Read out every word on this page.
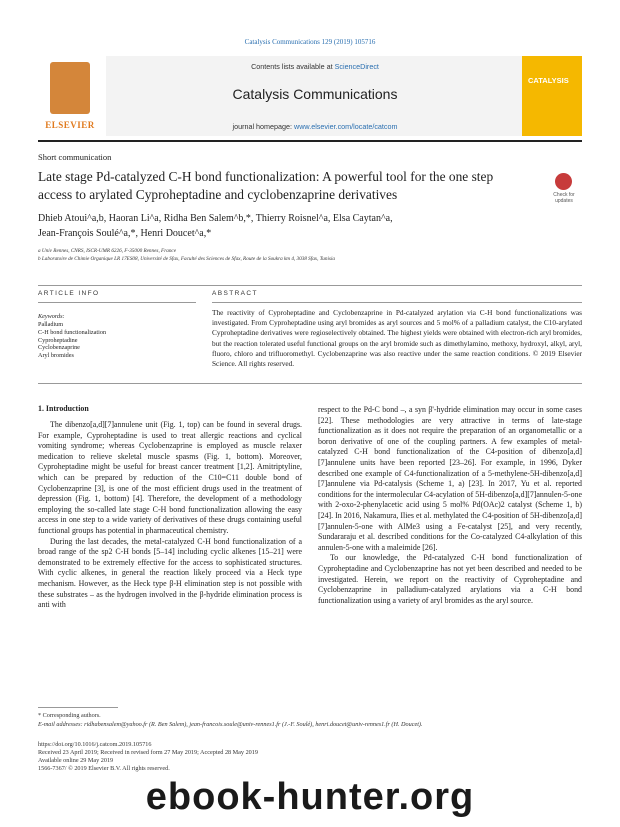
Catalysis Communications 129 (2019) 105716
ELSEVIER
Contents lists available at ScienceDirect
Catalysis Communications
journal homepage: www.elsevier.com/locate/catcom
CATALYSIS
Short communication
Late stage Pd-catalyzed C-H bond functionalization: A powerful tool for the one step access to arylated Cyproheptadine and cyclobenzaprine derivatives	Check for updates
Dhieb Atoui^a,b, Haoran Li^a, Ridha Ben Salem^b,*, Thierry Roisnel^a, Elsa Caytan^a,
Jean-François Soulé^a,*, Henri Doucet^a,*
a Univ Rennes, CNRS, ISCR-UMR 6226, F-35000 Rennes, France
b Laboratoire de Chimie Organique LR 17ES08, Université de Sfax, Faculté des Sciences de Sfax, Route de la Soukra km 4, 3038 Sfax, Tunisia
ARTICLE INFO	ABSTRACT
Keywords:
Palladium
C-H bond functionalization
Cyproheptadine
Cyclobenzaprine
Aryl bromides
The reactivity of Cyproheptadine and Cyclobenzaprine in Pd-catalyzed arylation via C-H bond functionalizations was investigated. From Cyproheptadine using aryl bromides as aryl sources and 5 mol% of a palladium catalyst, the C10-arylated Cyproheptadine derivatives were regioselectively obtained. The highest yields were obtained with electron-rich aryl bromides, but the reaction tolerated useful functional groups on the aryl bromide such as dimethylamino, methoxy, hydroxyl, alkyl, aryl, fluoro, chloro and trifluoromethyl. Cyclobenzaprine was also reactive under the same reaction conditions. © 2019 Elsevier Science. All rights reserved.
1. Introduction

The dibenzo[a,d][7]annulene unit (Fig. 1, top) can be found in several drugs. For example, Cyproheptadine is used to treat allergic reactions and cyclical vomiting syndrome; whereas Cyclobenzaprine is employed as muscle relaxer medication to relieve skeletal muscle spasms (Fig. 1, bottom). Moreover, Cyproheptadine might be useful for breast cancer treatment [1,2]. Amitriptyline, which can be prepared by reduction of the C10=C11 double bond of Cyclobenzaprine [3], is one of the most efficient drugs used in the treatment of depression (Fig. 1, bottom) [4]. Therefore, the development of a methodology employing the so-called late stage C-H bond functionalization allowing the easy access in one step to a wide variety of derivatives of these drugs containing useful functional groups has potential in pharmaceutical chemistry.

During the last decades, the metal-catalyzed C-H bond functionalization of a broad range of the sp2 C-H bonds [5–14] including cyclic alkenes [15–21] were demonstrated to be extremely effective for the access to sophisticated structures. With cyclic alkenes, in general the reaction likely proceed via a Heck type mechanism. However, as the Heck type β-H elimination step is not possible with these substrates – as the hydrogen involved in the β-hydride elimination process is anti with

respect to the Pd-C bond –, a syn β'-hydride elimination may occur in some cases [22]. These methodologies are very attractive in terms of late-stage functionalization as it does not require the preparation of an organometallic or a boron derivative of one of the coupling partners. A few examples of metal-catalyzed C-H bond functionalization of the C4-position of dibenzo[a,d][7]annulene units have been reported [23–26]. For example, in 1996, Dyker described one example of C4-functionalization of a 5-methylene-5H-dibenzo[a,d][7]annulene via Pd-catalysis (Scheme 1, a) [23]. In 2017, Yu et al. reported conditions for the intermolecular C4-acylation of 5H-dibenzo[a,d][7]annulen-5-one with 2-oxo-2-phenylacetic acid using 5 mol% Pd(OAc)2 catalyst (Scheme 1, b) [24]. In 2016, Nakamura, Ilies et al. methylated the C4-position of 5H-dibenzo[a,d][7]annulen-5-one with AlMe3 using a Fe-catalyst [25], and very recently, Sundararaju et al. described conditions for the Co-catalyzed C4-alkylation of this annulen-5-one with a maleimide [26].

To our knowledge, the Pd-catalyzed C-H bond functionalization of Cyproheptadine and Cyclobenzaprine has not yet been described and needed to be investigated. Herein, we report on the reactivity of Cyproheptadine and Cyclobenzaprine in palladium-catalyzed arylations via a C-H bond functionalization using a variety of aryl bromides as the aryl source.

* Corresponding authors.
E-mail addresses: ridhabensalem@yahoo.fr (R. Ben Salem), jean-francois.soule@univ-rennes1.fr (J.-F. Soulé), henri.doucet@univ-rennes1.fr (H. Doucet).
https://doi.org/10.1016/j.catcom.2019.105716
Received 23 April 2019; Received in revised form 27 May 2019; Accepted 28 May 2019
Available online 29 May 2019
1566-7367/ © 2019 Elsevier B.V. All rights reserved.
ebook-hunter.org
